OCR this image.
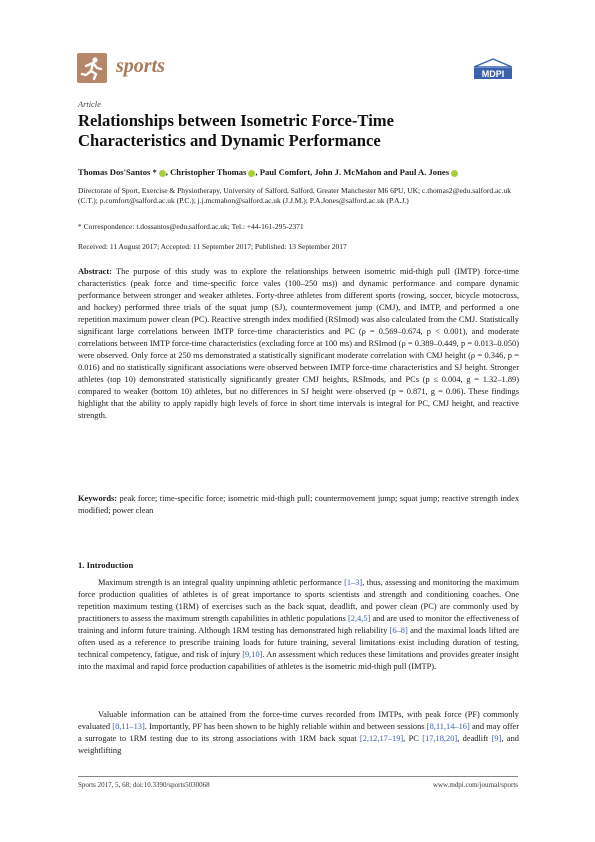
sports	MDPI
Article
Relationships between Isometric Force-Time Characteristics and Dynamic Performance
Thomas Dos'Santos * , Christopher Thomas , Paul Comfort, John J. McMahon and Paul A. Jones
Directorate of Sport, Exercise & Physiotherapy, University of Salford, Salford, Greater Manchester M6 6PU, UK; c.thomas2@edu.salford.ac.uk (C.T.); p.comfort@salford.ac.uk (P.C.); j.j.mcmahon@salford.ac.uk (J.J.M.); P.A.Jones@salford.ac.uk (P.A.J.)
* Correspondence: t.dossantos@edu.salford.ac.uk; Tel.: +44-161-295-2371
Received: 11 August 2017; Accepted: 11 September 2017; Published: 13 September 2017
Abstract: The purpose of this study was to explore the relationships between isometric mid-thigh pull (IMTP) force-time characteristics (peak force and time-specific force vales (100–250 ms)) and dynamic performance and compare dynamic performance between stronger and weaker athletes. Forty-three athletes from different sports (rowing, soccer, bicycle motocross, and hockey) performed three trials of the squat jump (SJ), countermovement jump (CMJ), and IMTP, and performed a one repetition maximum power clean (PC). Reactive strength index modified (RSImod) was also calculated from the CMJ. Statistically significant large correlations between IMTP force-time characteristics and PC (ρ = 0.569–0.674, p < 0.001), and moderate correlations between IMTP force-time characteristics (excluding force at 100 ms) and RSImod (ρ = 0.389–0.449, p = 0.013–0.050) were observed. Only force at 250 ms demonstrated a statistically significant moderate correlation with CMJ height (ρ = 0.346, p = 0.016) and no statistically significant associations were observed between IMTP force-time characteristics and SJ height. Stronger athletes (top 10) demonstrated statistically significantly greater CMJ heights, RSImods, and PCs (p ≤ 0.004, g = 1.32–1.89) compared to weaker (bottom 10) athletes, but no differences in SJ height were observed (p = 0.871, g = 0.06). These findings highlight that the ability to apply rapidly high levels of force in short time intervals is integral for PC, CMJ height, and reactive strength.
Keywords: peak force; time-specific force; isometric mid-thigh pull; countermovement jump; squat jump; reactive strength index modified; power clean
1. Introduction
Maximum strength is an integral quality unpinning athletic performance [1–3], thus, assessing and monitoring the maximum force production qualities of athletes is of great importance to sports scientists and strength and conditioning coaches. One repetition maximum testing (1RM) of exercises such as the back squat, deadlift, and power clean (PC) are commonly used by practitioners to assess the maximum strength capabilities in athletic populations [2,4,5] and are used to monitor the effectiveness of training and inform future training. Although 1RM testing has demonstrated high reliability [6–8] and the maximal loads lifted are often used as a reference to prescribe training loads for future training, several limitations exist including duration of testing, technical competency, fatigue, and risk of injury [9,10]. An assessment which reduces these limitations and provides greater insight into the maximal and rapid force production capabilities of athletes is the isometric mid-thigh pull (IMTP).
Valuable information can be attained from the force-time curves recorded from IMTPs, with peak force (PF) commonly evaluated [8,11–13]. Importantly, PF has been shown to be highly reliable within and between sessions [8,11,14–16] and may offer a surrogate to 1RM testing due to its strong associations with 1RM back squat [2,12,17–19], PC [17,18,20], deadlift [9], and weightlifting
Sports 2017, 5, 68; doi:10.3390/sports5030068	www.mdpi.com/journal/sports
